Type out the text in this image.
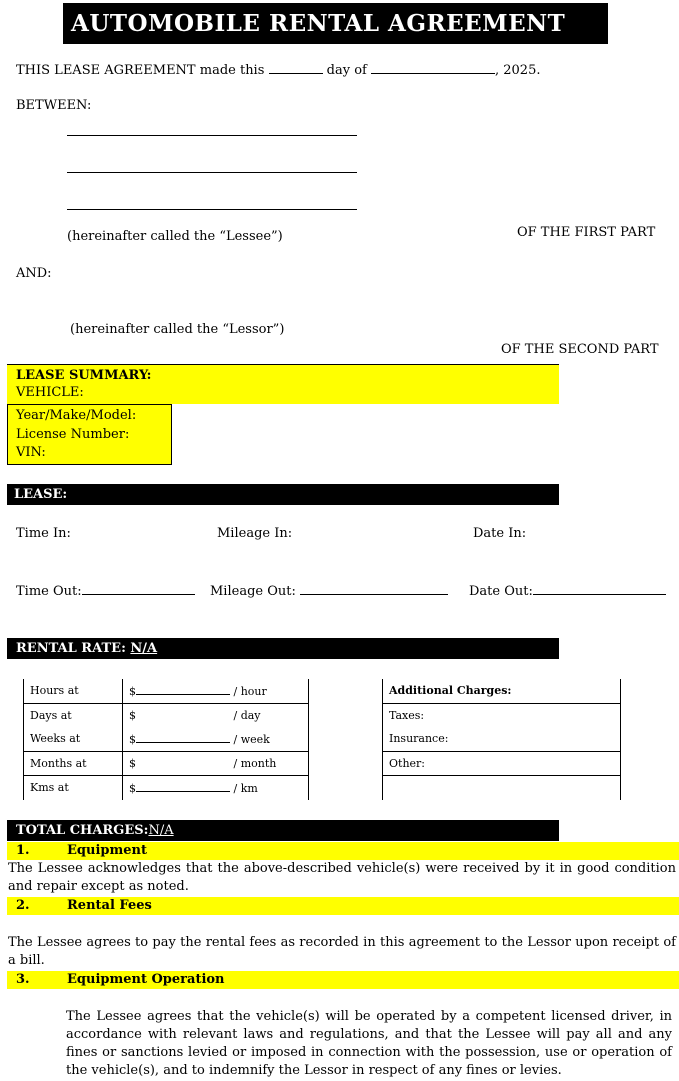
AUTOMOBILE RENTAL AGREEMENT
THIS LEASE AGREEMENT made this	day of	, 2025.
BETWEEN:
(hereinafter called the “Lessee”)	OF THE FIRST PART
AND:
(hereinafter called the “Lessor”)
OF THE SECOND PART
LEASE SUMMARY:
VEHICLE:
Year/Make/Model:
License Number:
VIN:
LEASE:
Time In:	Mileage In:	Date In:
Time Out:	Mileage Out:	Date Out:
RENTAL RATE: N/A
Hours at	$ / hour
Days at	$ / day
Weeks at	$ / week
Months at	$ / month
Kms at	$ / km
Additional Charges:
Taxes:
Insurance:
Other:

TOTAL CHARGES:N/A
1.	Equipment
The Lessee acknowledges that the above-described vehicle(s) were received by it in good condition and repair except as noted.
2.	Rental Fees
The Lessee agrees to pay the rental fees as recorded in this agreement to the Lessor upon receipt of a bill.
3.	Equipment Operation
The Lessee agrees that the vehicle(s) will be operated by a competent licensed driver, in accordance with relevant laws and regulations, and that the Lessee will pay all and any fines or sanctions levied or imposed in connection with the possession, use or operation of the vehicle(s), and to indemnify the Lessor in respect of any fines or levies.
